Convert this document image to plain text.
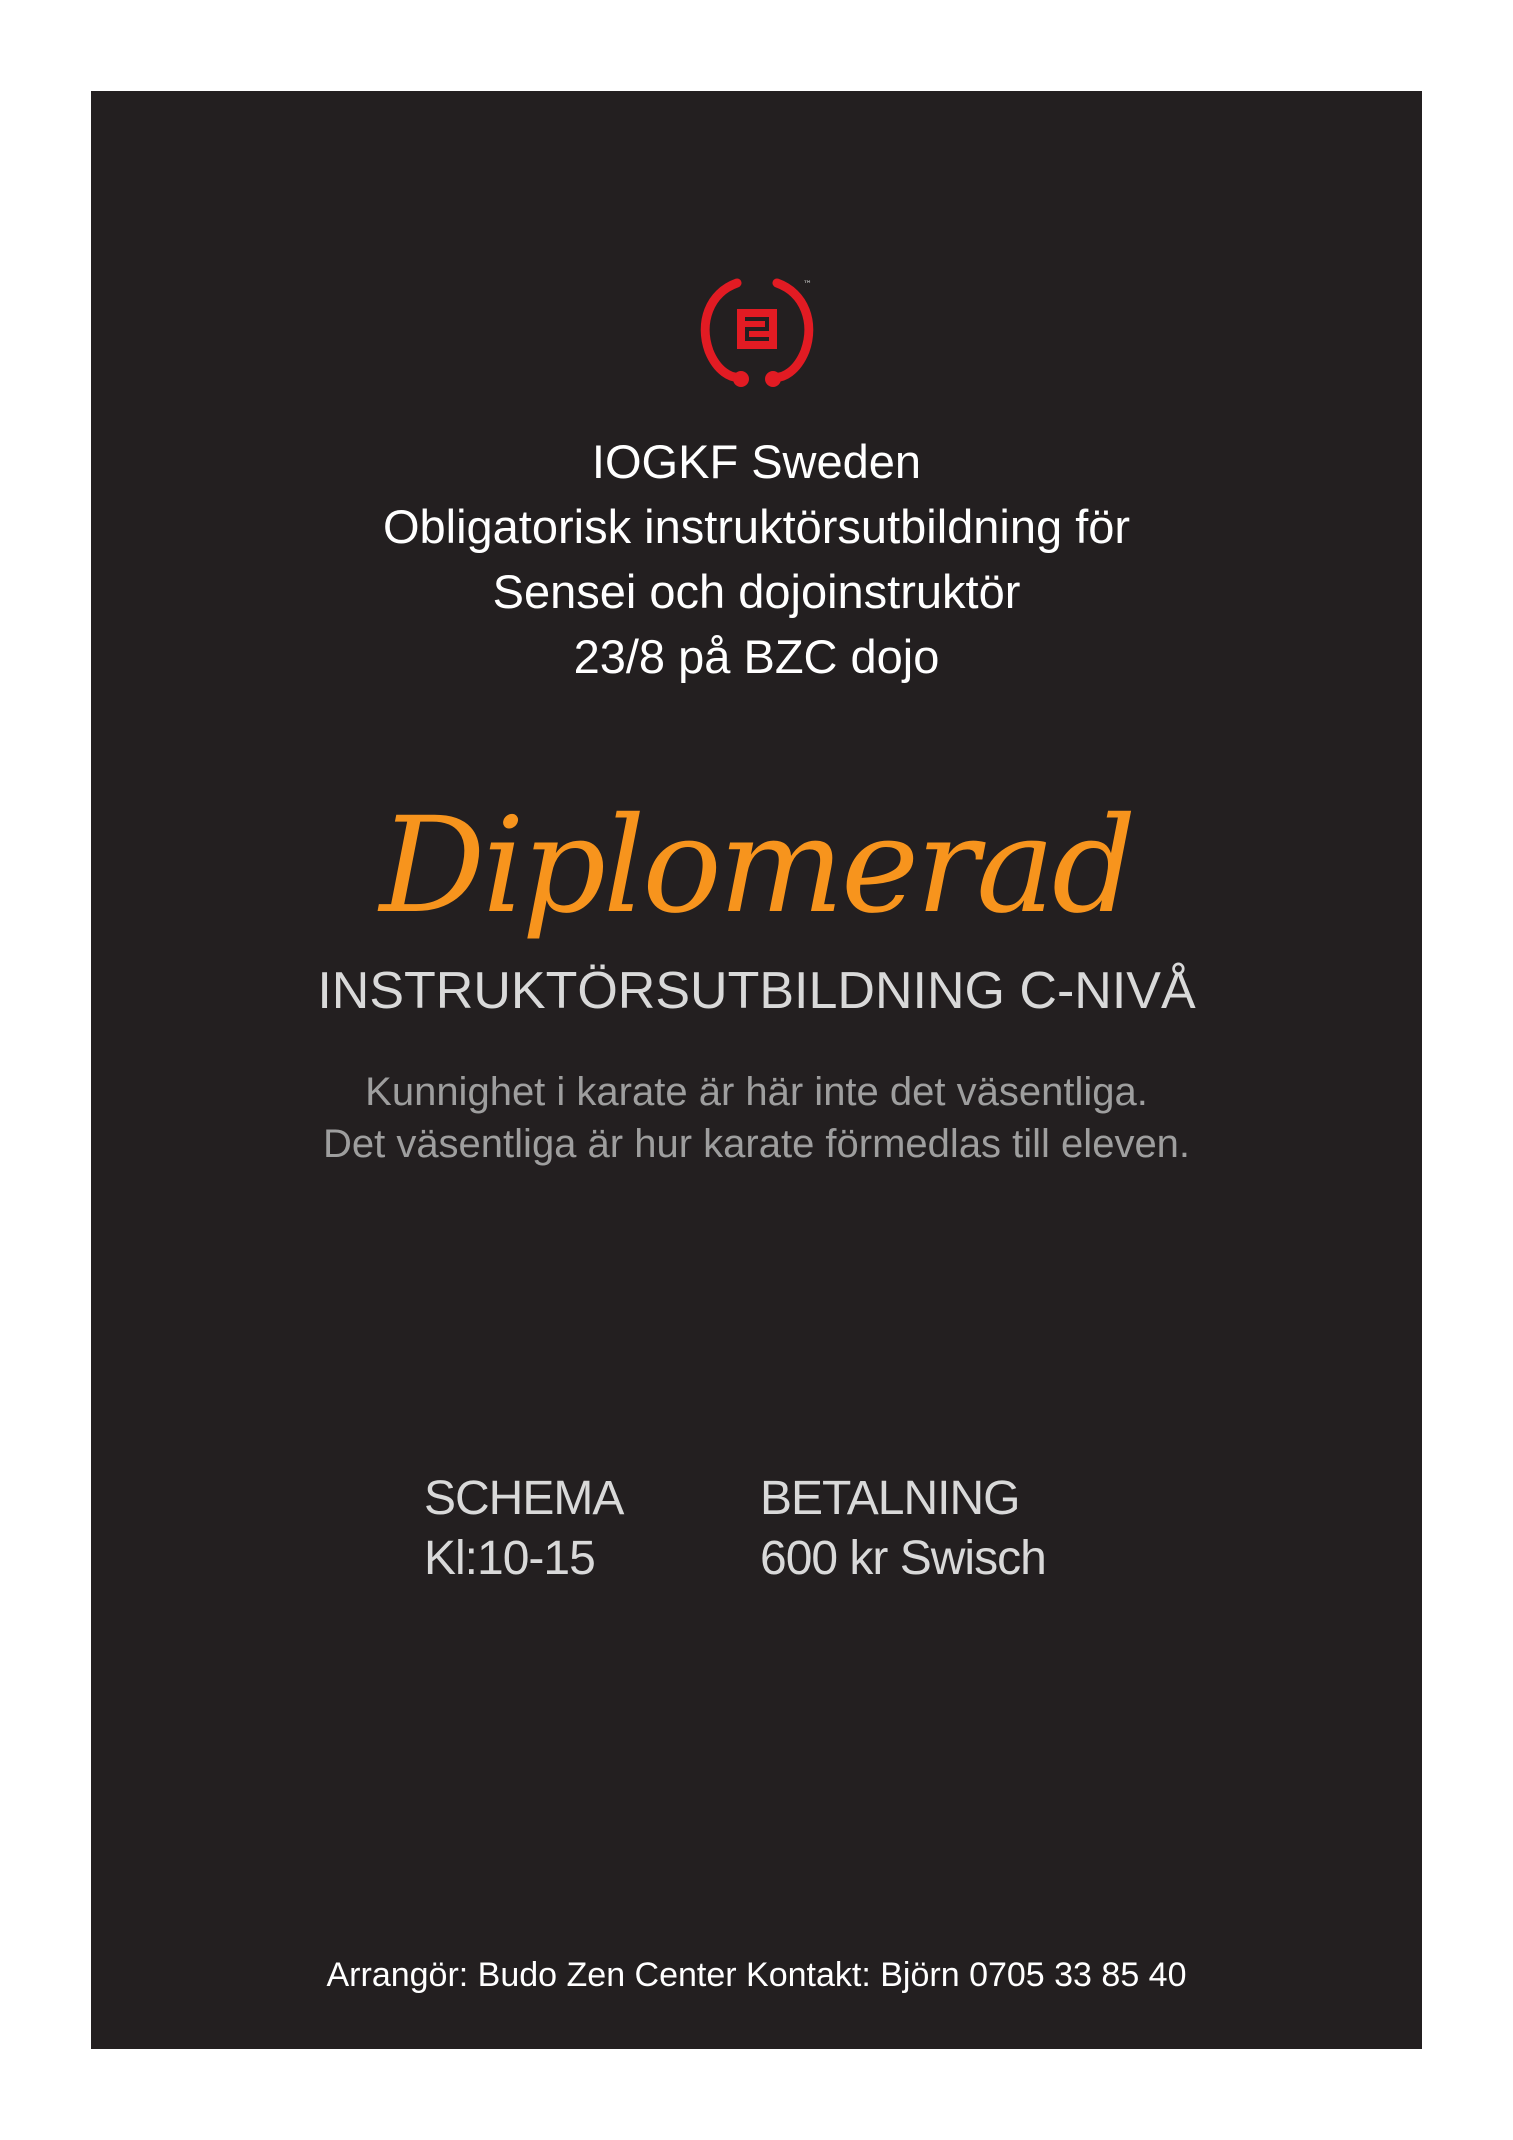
™
IOGKF Sweden
Obligatorisk instruktörsutbildning för
Sensei och dojoinstruktör
23/8 på BZC dojo
Diplomerad
INSTRUKTÖRSUTBILDNING C-NIVÅ
Kunnighet i karate är här inte det väsentliga.
Det väsentliga är hur karate förmedlas till eleven.
SCHEMA
Kl:10-15
BETALNING
600 kr Swisch
Arrangör: Budo Zen Center Kontakt: Björn 0705 33 85 40
